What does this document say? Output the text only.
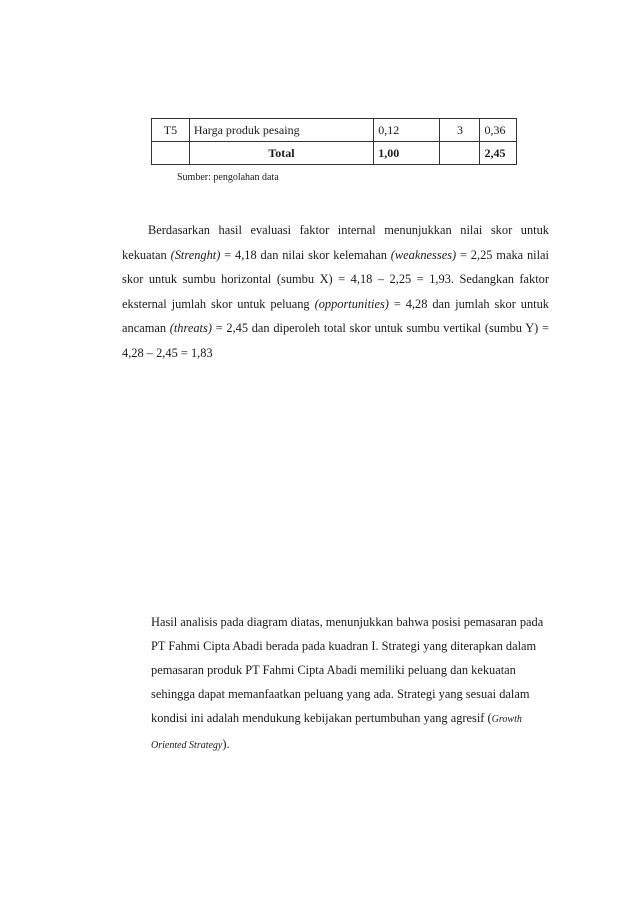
T5	Harga produk pesaing	0,12	3	0,36
	Total	1,00		2,45
Sumber: pengolahan data

Berdasarkan hasil evaluasi faktor internal menunjukkan nilai skor untuk kekuatan (Strenght) = 4,18 dan nilai skor kelemahan (weaknesses) = 2,25 maka nilai skor untuk sumbu horizontal (sumbu X) = 4,18 – 2,25 = 1,93. Sedangkan faktor eksternal jumlah skor untuk peluang (opportunities) = 4,28 dan jumlah skor untuk ancaman (threats) = 2,45 dan diperoleh total skor untuk sumbu vertikal (sumbu Y) = 4,28 – 2,45 = 1,83

Hasil analisis pada diagram diatas, menunjukkan bahwa posisi pemasaran pada PT Fahmi Cipta Abadi berada pada kuadran I. Strategi yang diterapkan dalam pemasaran produk PT Fahmi Cipta Abadi memiliki peluang dan kekuatan sehingga dapat memanfaatkan peluang yang ada. Strategi yang sesuai dalam kondisi ini adalah mendukung kebijakan pertumbuhan yang agresif (Growth Oriented Strategy).
